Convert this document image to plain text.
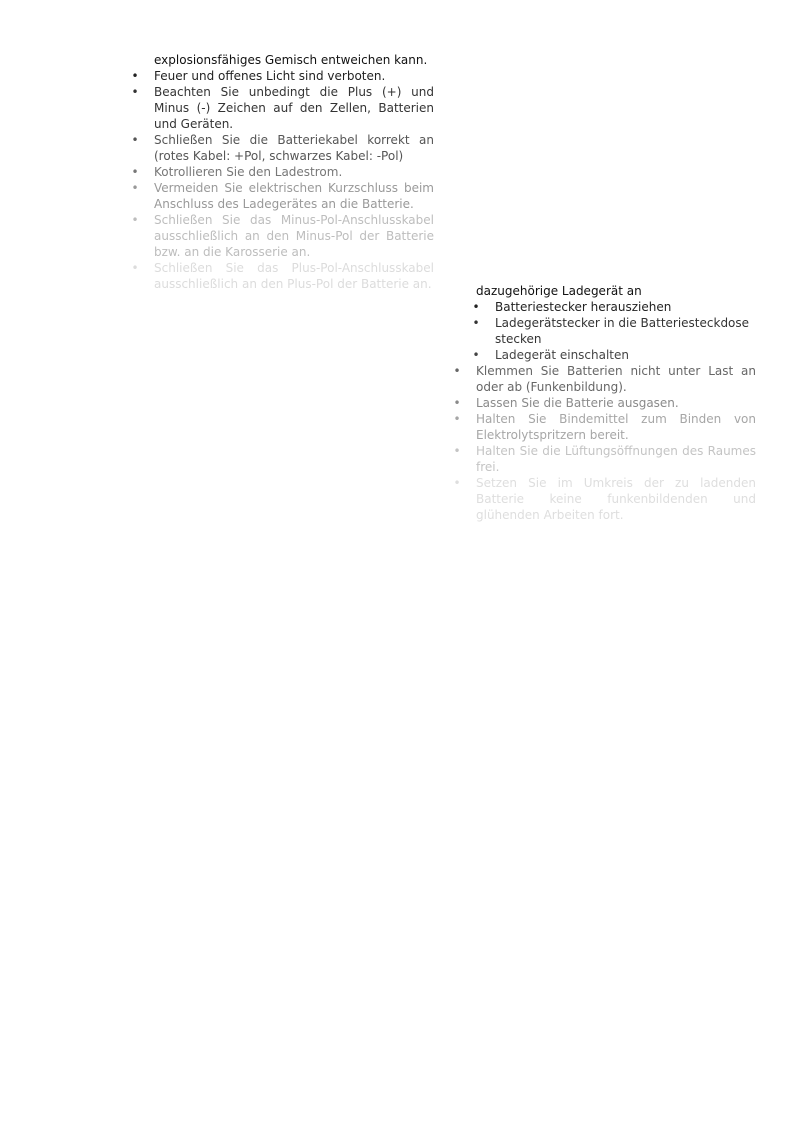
explosionsfähiges Gemisch entweichen kann.

• Feuer und offenes Licht sind verboten.
• Beachten Sie unbedingt die Plus (+) und Minus (-) Zeichen auf den Zellen, Batterien und Geräten.
• Schließen Sie die Batteriekabel korrekt an (rotes Kabel: +Pol, schwarzes Kabel: -Pol)
• Kotrollieren Sie den Ladestrom.
• Vermeiden Sie elektrischen Kurzschluss beim Anschluss des Ladegerätes an die Batterie.
• Schließen Sie das Minus-Pol-Anschlusskabel ausschließlich an den Minus-Pol der Batterie bzw. an die Karosserie an.
• Schließen Sie das Plus-Pol-Anschlusskabel ausschließlich an den Plus-Pol der Batterie an.	dazugehörige Ladegerät an

• Batteriestecker herausziehen
• Ladegerätstecker in die Batteriesteckdose stecken
• Ladegerät einschalten
• Klemmen Sie Batterien nicht unter Last an oder ab (Funkenbildung).
• Lassen Sie die Batterie ausgasen.
• Halten Sie Bindemittel zum Binden von Elektrolytspritzern bereit.
• Halten Sie die Lüftungsöffnungen des Raumes frei.
• Setzen Sie im Umkreis der zu ladenden Batterie keine funkenbildenden und glühenden Arbeiten fort.
